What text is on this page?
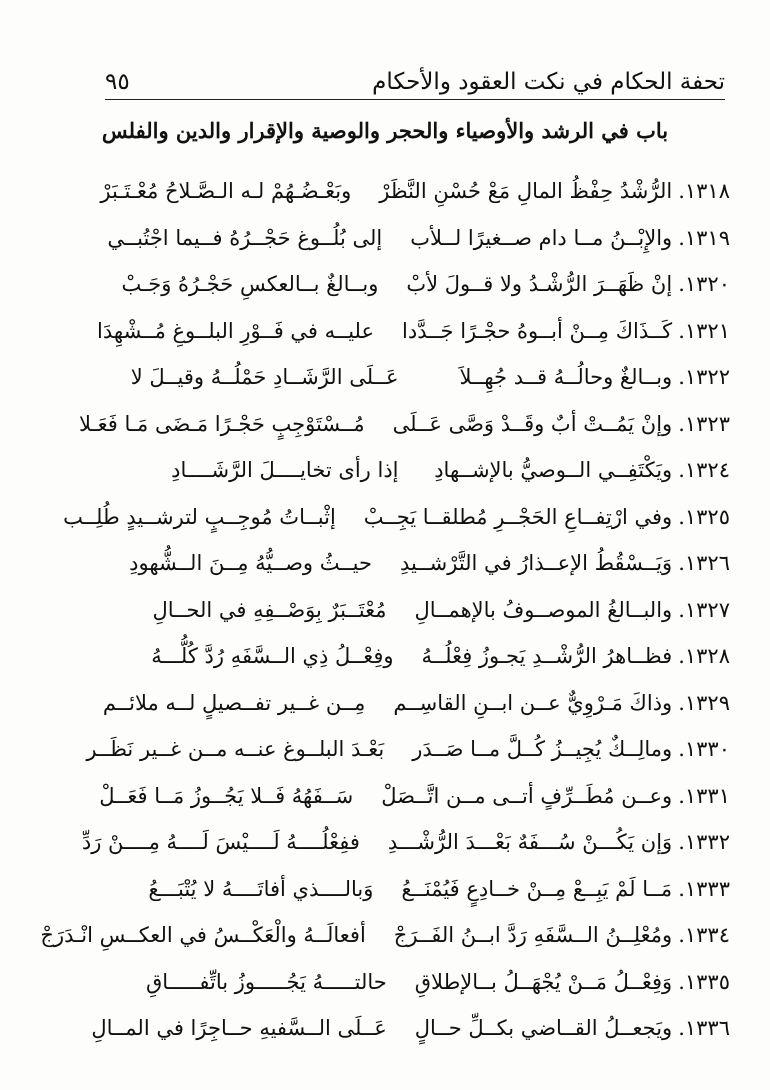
تحفة الحكام في نكت العقود والأحكام
٩٥
باب في الرشد والأوصياء والحجر والوصية والإقرار والدين والفلس
١٣١٨.الرُّشْدُ حِفْظُ المالِ مَعْ حُسْنِ النَّظَرْ
وبَعْـضُـهُمْ لـه الـصَّـلاحُ مُعْـتَـبَرْ
١٣١٩.والإِبْــنُ مــا دام صــغيرًا لــلأب
إلى بُلُــوغ حَجْــرُهُ فــيما اجْتُبــي
١٣٢٠.إنْ ظَهَــرَ الرُّشْـدُ ولا قــولَ لأبْ
وبــالغٌ بــالعكسِ حَجْـرُهُ وَجَـبْ
١٣٢١.كَــذَاكَ مِــنْ أبــوهُ حجْـرًا جَــدَّدا
عليــه في فَــوْرِ البلــوغِ مُــشْهِدَا
١٣٢٢.وبــالغٌ وحالُــهُ قــد جُهِــلاَ
عَــلَى الرَّشَــادِ حَمْلُــهُ وقيــلَ لا
١٣٢٣.وإنْ يَمُــتْ أبٌ وقَــدْ وَصَّى عَــلَى
مُــسْتَوْجِبٍ حَجْـرًا مَـضَى مَـا فَعَـلا
١٣٢٤.ويَكْتَفِــي الــوصيُّ بالإشــهادِ
إذا رأى تخايــــلَ الرَّشَــــادِ
١٣٢٥.وفي ارْتِفــاعِ الحَجْــرِ مُطلقــا يَجِــبْ
إثْبــاتُ مُوجِــبٍ لترشــيدٍ طُلِــب
١٣٢٦.وَيَــسْقُطُ الإعــذارُ في التَّرْشــيدِ
حيــثُ وصــيُّهُ مِــنَ الــشُّهودِ
١٣٢٧.والبــالغُ الموصــوفُ بالإهمــالِ
مُعْتَــبَرٌ بِوَصْــفِهِ في الحــالِ
١٣٢٨.فظــاهرُ الرُّشْــدِ يَجـوزُ فِعْلُــهُ
وفِعْــلُ ذِي الــسَّفَهِ رُدَّ كُلُّـــهُ
١٣٢٩.وذاكَ مَـرْوِيٌّ عــن ابــنِ القاسِــم
مِــن غــير تفــصيلٍ لــه ملائــم
١٣٣٠.ومالِــكٌ يُجِيــزُ كُــلَّ مــا صَــدَر
بَعْـدَ البلــوغ عنــه مــن غــير نَظَــر
١٣٣١.وعــن مُطَــرِّفٍ أتــى مــن اتَّــصَلْ
سَــفَهُهُ فَــلا يَجُــوزُ مَــا فَعَــلْ
١٣٣٢.وَإن يَكُـــنْ سُـــفَهٌ بَعْـــدَ الرُّشْـــدِ
ففِعْلُــــهُ لَــــيْسَ لَــــهُ مِــــنْ رَدِّ
١٣٣٣.مَــا لَمْ يَبِــعْ مِــنْ خــادِعٍ فَيُمْنَــعُ
وَبالــــذي أفاتَــــهُ لا يُتْبَـــعُ
١٣٣٤.ومُعْلِــنُ الــسَّفَهِ رَدَّ ابــنُ الفَــرَجْ
أفعالَــهُ والْعَكْــسُ في العكــسِ انْـدَرَجْ
١٣٣٥.وَفِعْــلُ مَــنْ يُجْهَــلُ بــالإطلاقِ
حالتـــــهُ يَجُـــــوزُ باتِّفـــــاقِ
١٣٣٦.ويَجعــلُ القــاضي بكــلِّ حــالٍ
عَــلَى الــسَّفيهِ حــاجِرًا في المــالِ
